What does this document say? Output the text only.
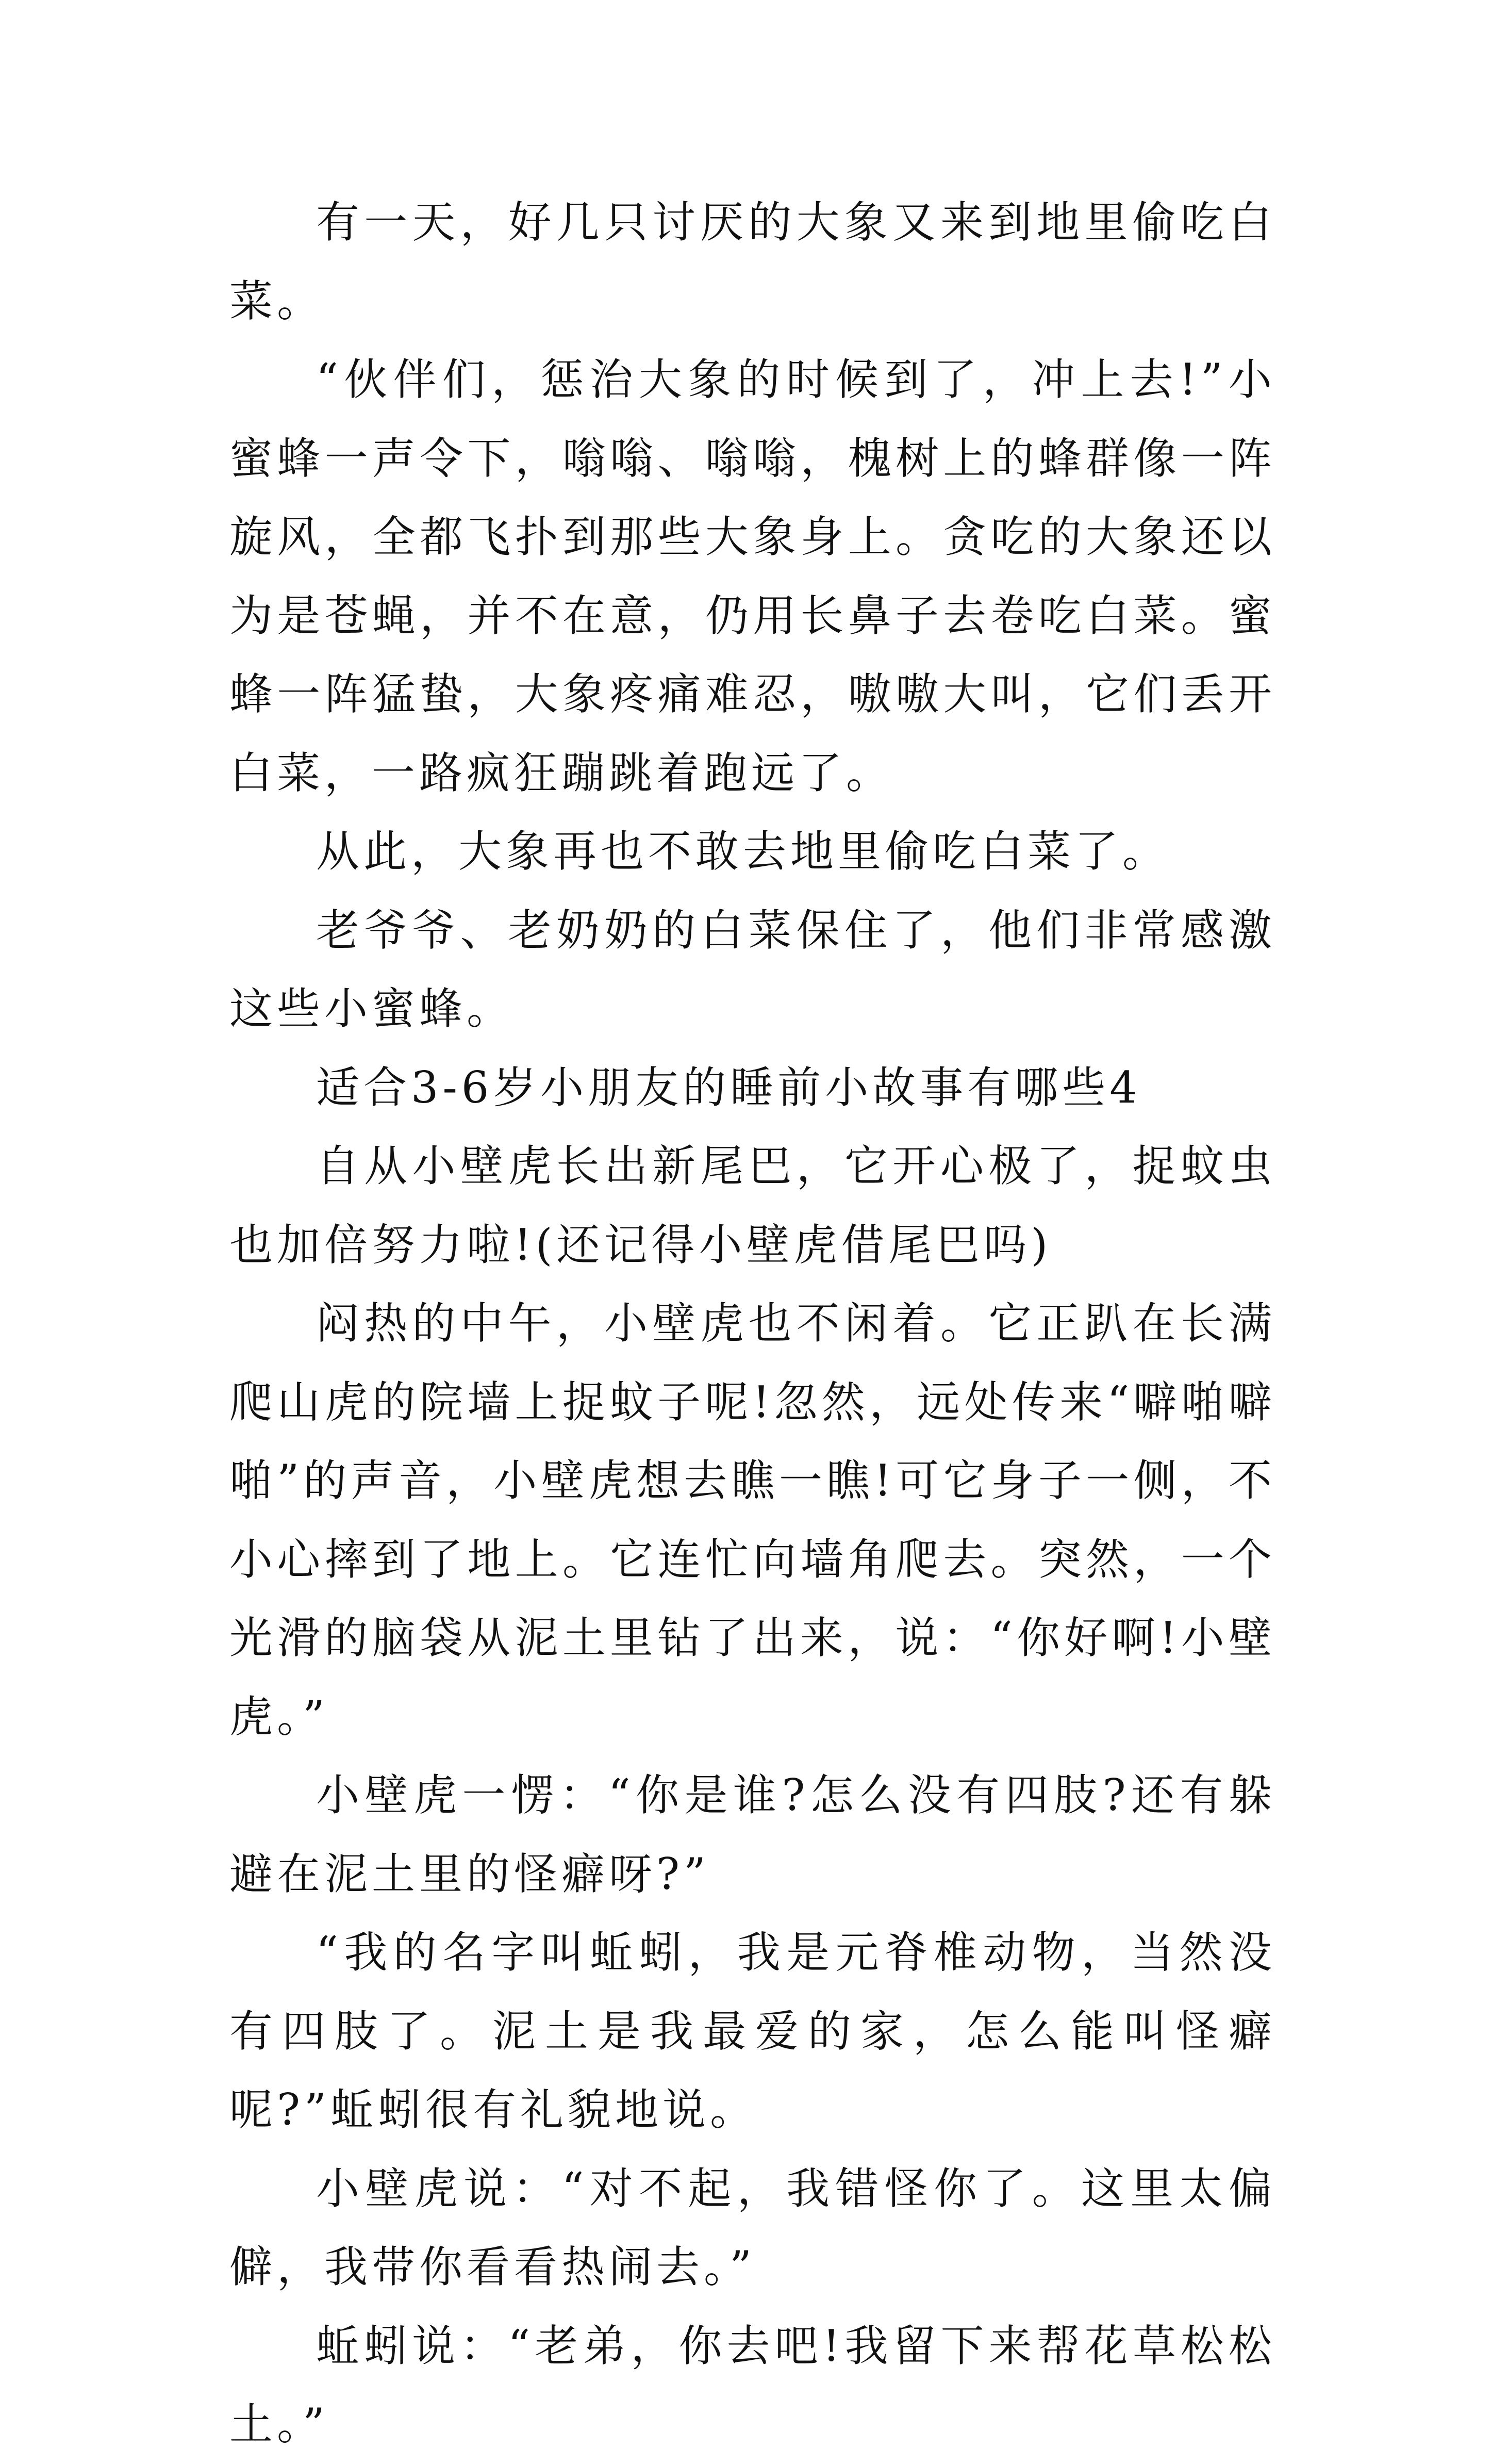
有一天，好几只讨厌的大象又来到地里偷吃白菜。

“伙伴们，惩治大象的时候到了，冲上去!”小蜜蜂一声令下，嗡嗡、嗡嗡，槐树上的蜂群像一阵旋风，全都飞扑到那些大象身上。贪吃的大象还以为是苍蝇，并不在意，仍用长鼻子去卷吃白菜。蜜蜂一阵猛蛰，大象疼痛难忍，嗷嗷大叫，它们丢开白菜，一路疯狂蹦跳着跑远了。

从此，大象再也不敢去地里偷吃白菜了。

老爷爷、老奶奶的白菜保住了，他们非常感激这些小蜜蜂。

适合3-6岁小朋友的睡前小故事有哪些4

自从小壁虎长出新尾巴，它开心极了，捉蚊虫也加倍努力啦!(还记得小壁虎借尾巴吗)

闷热的中午，小壁虎也不闲着。它正趴在长满爬山虎的院墙上捉蚊子呢!忽然，远处传来“噼啪噼啪”的声音，小壁虎想去瞧一瞧!可它身子一侧，不小心摔到了地上。它连忙向墙角爬去。突然，一个光滑的脑袋从泥土里钻了出来，说：“你好啊!小壁虎。”

小壁虎一愣：“你是谁?怎么没有四肢?还有躲避在泥土里的怪癖呀?”

“我的名字叫蚯蚓，我是元脊椎动物，当然没有四肢了。泥土是我最爱的家，怎么能叫怪癖呢?”蚯蚓很有礼貌地说。

小壁虎说：“对不起，我错怪你了。这里太偏僻，我带你看看热闹去。”

蚯蚓说：“老弟，你去吧!我留下来帮花草松松土。”
